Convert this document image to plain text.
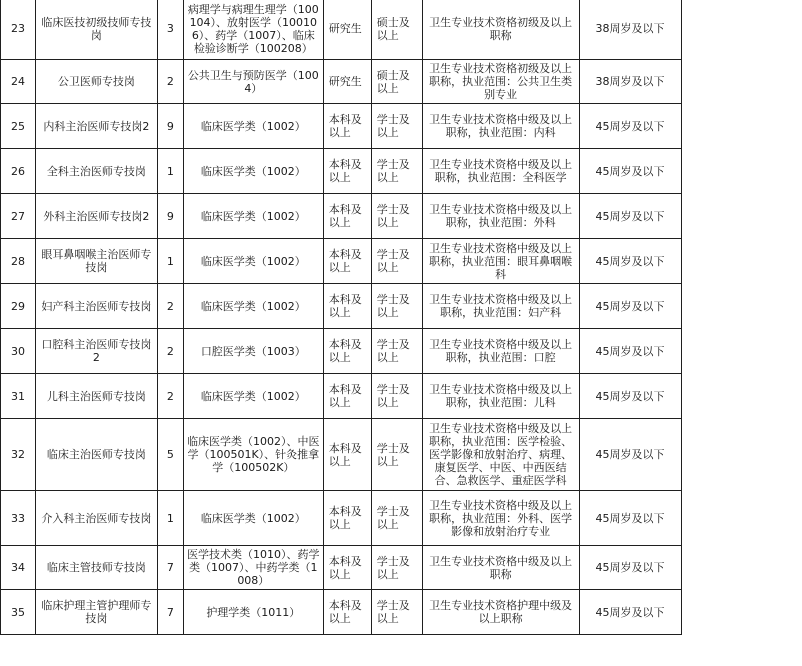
23	临床医技初级技师专技岗	3	病理学与病理生理学（100104）、放射医学（100106）、药学（1007）、临床检验诊断学（100208）	研究生	硕士及以上	卫生专业技术资格初级及以上职称	38周岁及以下	
24	公卫医师专技岗	2	公共卫生与预防医学（1004）	研究生	硕士及以上	卫生专业技术资格初级及以上职称，执业范围：公共卫生类别专业	38周岁及以下	
25	内科主治医师专技岗2	9	临床医学类（1002）	本科及以上	学士及以上	卫生专业技术资格中级及以上职称，执业范围：内科	45周岁及以下	
26	全科主治医师专技岗	1	临床医学类（1002）	本科及以上	学士及以上	卫生专业技术资格中级及以上职称，执业范围：全科医学	45周岁及以下	
27	外科主治医师专技岗2	9	临床医学类（1002）	本科及以上	学士及以上	卫生专业技术资格中级及以上职称，执业范围：外科	45周岁及以下	
28	眼耳鼻咽喉主治医师专技岗	1	临床医学类（1002）	本科及以上	学士及以上	卫生专业技术资格中级及以上职称，执业范围：眼耳鼻咽喉科	45周岁及以下	
29	妇产科主治医师专技岗	2	临床医学类（1002）	本科及以上	学士及以上	卫生专业技术资格中级及以上职称，执业范围：妇产科	45周岁及以下	
30	口腔科主治医师专技岗2	2	口腔医学类（1003）	本科及以上	学士及以上	卫生专业技术资格中级及以上职称，执业范围：口腔	45周岁及以下	
31	儿科主治医师专技岗	2	临床医学类（1002）	本科及以上	学士及以上	卫生专业技术资格中级及以上职称，执业范围：儿科	45周岁及以下	
32	临床主治医师专技岗	5	临床医学类（1002）、中医学（100501K）、针灸推拿学（100502K）	本科及以上	学士及以上	卫生专业技术资格中级及以上职称，执业范围：医学检验、医学影像和放射治疗、病理、康复医学、中医、中西医结合、急救医学、重症医学科	45周岁及以下	
33	介入科主治医师专技岗	1	临床医学类（1002）	本科及以上	学士及以上	卫生专业技术资格中级及以上职称，执业范围：外科、医学影像和放射治疗专业	45周岁及以下	
34	临床主管技师专技岗	7	医学技术类（1010）、药学类（1007）、中药学类（1008）	本科及以上	学士及以上	卫生专业技术资格中级及以上职称	45周岁及以下	
35	临床护理主管护理师专技岗	7	护理学类（1011）	本科及以上	学士及以上	卫生专业技术资格护理中级及以上职称	45周岁及以下	
